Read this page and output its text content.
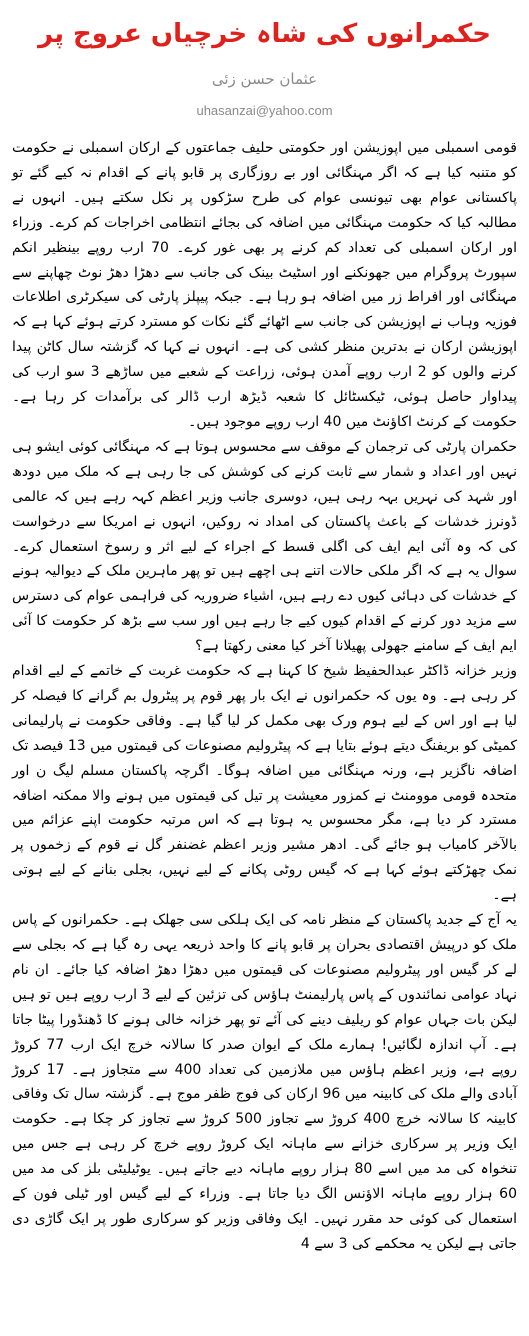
حکمرانوں کی شاہ خرچیاں عروج پر
عثمان حسن زئی
uhasanzai@yahoo.com

قومی اسمبلی میں اپوزیشن اور حکومتی حلیف جماعتوں کے ارکان اسمبلی نے حکومت کو متنبہ کیا ہے کہ اگر مہنگائی اور بے روزگاری پر قابو پانے کے اقدام نہ کیے گئے تو پاکستانی عوام بھی تیونسی عوام کی طرح سڑکوں پر نکل سکتے ہیں۔ انہوں نے مطالبہ کیا کہ حکومت مہنگائی میں اضافہ کی بجائے انتظامی اخراجات کم کرے۔ وزراء اور ارکان اسمبلی کی تعداد کم کرنے پر بھی غور کرے۔ 70 ارب روپے بینظیر انکم سپورٹ پروگرام میں جھونکنے اور اسٹیٹ بینک کی جانب سے دھڑا دھڑ نوٹ چھاپنے سے مہنگائی اور افراط زر میں اضافہ ہو رہا ہے۔ جبکہ پیپلز پارٹی کی سیکرٹری اطلاعات فوزیہ وہاب نے اپوزیشن کی جانب سے اٹھائے گئے نکات کو مسترد کرتے ہوئے کہا ہے کہ اپوزیشن ارکان نے بدترین منظر کشی کی ہے۔ انہوں نے کہا کہ گزشتہ سال کاٹن پیدا کرنے والوں کو 2 ارب روپے آمدن ہوئی، زراعت کے شعبے میں ساڑھے 3 سو ارب کی پیداوار حاصل ہوئی، ٹیکسٹائل کا شعبہ ڈیڑھ ارب ڈالر کی برآمدات کر رہا ہے۔ حکومت کے کرنٹ اکاؤنٹ میں 40 ارب روپے موجود ہیں۔

حکمران پارٹی کی ترجمان کے موقف سے محسوس ہوتا ہے کہ مہنگائی کوئی ایشو ہی نہیں اور اعداد و شمار سے ثابت کرنے کی کوشش کی جا رہی ہے کہ ملک میں دودھ اور شہد کی نہریں بہہ رہی ہیں، دوسری جانب وزیر اعظم کہہ رہے ہیں کہ عالمی ڈونرز خدشات کے باعث پاکستان کی امداد نہ روکیں، انہوں نے امریکا سے درخواست کی کہ وہ آئی ایم ایف کی اگلی قسط کے اجراء کے لیے اثر و رسوخ استعمال کرے۔ سوال یہ ہے کہ اگر ملکی حالات اتنے ہی اچھے ہیں تو پھر ماہرین ملک کے دیوالیہ ہونے کے خدشات کی دہائی کیوں دے رہے ہیں، اشیاء ضروریہ کی فراہمی عوام کی دسترس سے مزید دور کرنے کے اقدام کیوں کیے جا رہے ہیں اور سب سے بڑھ کر حکومت کا آئی ایم ایف کے سامنے جھولی پھیلانا آخر کیا معنی رکھتا ہے؟

وزیر خزانہ ڈاکٹر عبدالحفیظ شیخ کا کہنا ہے کہ حکومت غربت کے خاتمے کے لیے اقدام کر رہی ہے۔ وہ یوں کہ حکمرانوں نے ایک بار پھر قوم پر پیٹرول بم گرانے کا فیصلہ کر لیا ہے اور اس کے لیے ہوم ورک بھی مکمل کر لیا گیا ہے۔ وفاقی حکومت نے پارلیمانی کمیٹی کو بریفنگ دیتے ہوئے بتایا ہے کہ پیٹرولیم مصنوعات کی قیمتوں میں 13 فیصد تک اضافہ ناگزیر ہے، ورنہ مہنگائی میں اضافہ ہوگا۔ اگرچہ پاکستان مسلم لیگ ن اور متحدہ قومی موومنٹ نے کمزور معیشت پر تیل کی قیمتوں میں ہونے والا ممکنہ اضافہ مسترد کر دیا ہے، مگر محسوس یہ ہوتا ہے کہ اس مرتبہ حکومت اپنے عزائم میں بالآخر کامیاب ہو جائے گی۔ ادھر مشیر وزیر اعظم غضنفر گل نے قوم کے زخموں پر نمک چھڑکتے ہوئے کہا ہے کہ گیس روٹی پکانے کے لیے نہیں، بجلی بنانے کے لیے ہوتی ہے۔

یہ آج کے جدید پاکستان کے منظر نامہ کی ایک ہلکی سی جھلک ہے۔ حکمرانوں کے پاس ملک کو درپیش اقتصادی بحران پر قابو پانے کا واحد ذریعہ یہی رہ گیا ہے کہ بجلی سے لے کر گیس اور پیٹرولیم مصنوعات کی قیمتوں میں دھڑا دھڑ اضافہ کیا جائے۔ ان نام نہاد عوامی نمائندوں کے پاس پارلیمنٹ ہاؤس کی تزئین کے لیے 3 ارب روپے ہیں تو ہیں لیکن بات جہاں عوام کو ریلیف دینے کی آئے تو پھر خزانہ خالی ہونے کا ڈھنڈورا پیٹا جاتا ہے۔ آپ اندازہ لگائیں! ہمارے ملک کے ایوان صدر کا سالانہ خرچ ایک ارب 77 کروڑ روپے ہے، وزیر اعظم ہاؤس میں ملازمین کی تعداد 400 سے متجاوز ہے۔ 17 کروڑ آبادی والے ملک کی کابینہ میں 96 ارکان کی فوج ظفر موج ہے۔ گزشتہ سال تک وفاقی کابینہ کا سالانہ خرچ 400 کروڑ سے تجاوز 500 کروڑ سے تجاوز کر چکا ہے۔ حکومت ایک وزیر پر سرکاری خزانے سے ماہانہ ایک کروڑ روپے خرچ کر رہی ہے جس میں تنخواہ کی مد میں اسے 80 ہزار روپے ماہانہ دیے جاتے ہیں۔ یوٹیلیٹی بلز کی مد میں 60 ہزار روپے ماہانہ الاؤنس الگ دیا جاتا ہے۔ وزراء کے لیے گیس اور ٹیلی فون کے استعمال کی کوئی حد مقرر نہیں۔ ایک وفاقی وزیر کو سرکاری طور پر ایک گاڑی دی جاتی ہے لیکن یہ محکمے کی 3 سے 4
